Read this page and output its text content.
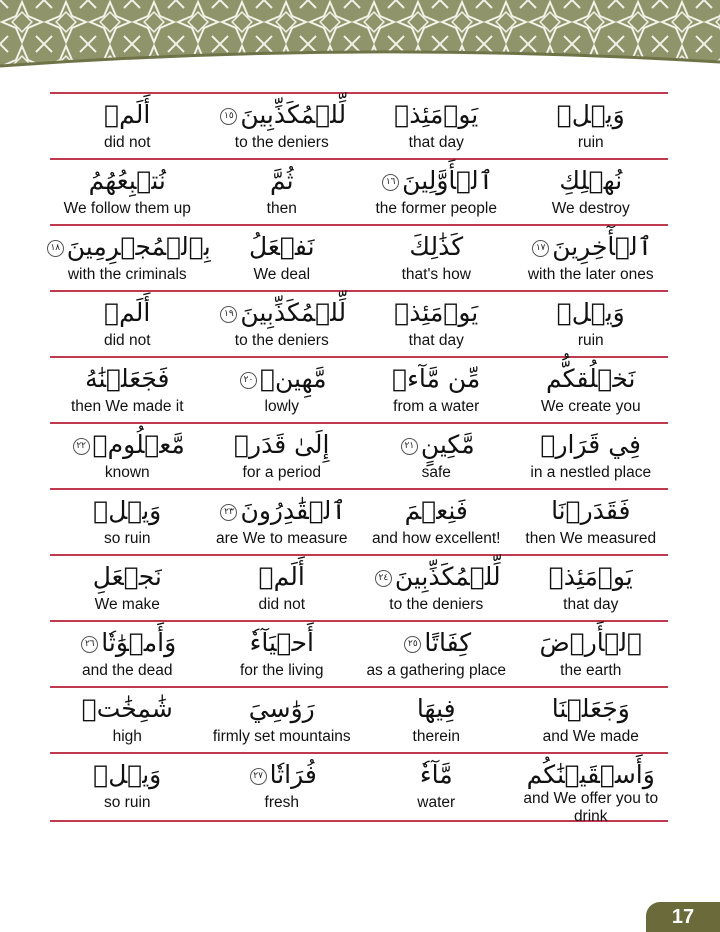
وَيۡلٞ
ruin
يَوۡمَئِذٖ
that day
لِّلۡمُكَذِّبِينَ١٥
to the deniers
أَلَمۡ
did not
نُهۡلِكِ
We destroy
ٱلۡأَوَّلِينَ١٦
the former people
ثُمَّ
then
نُتۡبِعُهُمُ
We follow them up
ٱلۡأٓخِرِينَ١٧
with the later ones
كَذَٰلِكَ
that's how
نَفۡعَلُ
We deal
بِٱلۡمُجۡرِمِينَ١٨
with the criminals
وَيۡلٞ
ruin
يَوۡمَئِذٖ
that day
لِّلۡمُكَذِّبِينَ١٩
to the deniers
أَلَمۡ
did not
نَخۡلُقكُّم
We create you
مِّن مَّآءٖ
from a water
مَّهِينٖ٢٠
lowly
فَجَعَلۡنَٰهُ
then We made it
فِي قَرَارٖ
in a nestled place
مَّكِينٍ٢١
safe
إِلَىٰ قَدَرٖ
for a period
مَّعۡلُومٖ٢٢
known
فَقَدَرۡنَا
then We measured
فَنِعۡمَ
and how excellent!
ٱلۡقَٰدِرُونَ٢٣
are We to measure
وَيۡلٞ
so ruin
يَوۡمَئِذٖ
that day
لِّلۡمُكَذِّبِينَ٢٤
to the deniers
أَلَمۡ
did not
نَجۡعَلِ
We make
ٱلۡأَرۡضَ
the earth
كِفَاتًا٢٥
as a gathering place
أَحۡيَآءٗ
for the living
وَأَمۡوَٰتٗا٢٦
and the dead
وَجَعَلۡنَا
and We made
فِيهَا
therein
رَوَٰسِيَ
firmly set mountains
شَٰمِخَٰتٖ
high
وَأَسۡقَيۡنَٰكُم
and We offer you to drink
مَّآءٗ
water
فُرَاتٗا٢٧
fresh
وَيۡلٞ
so ruin
17
